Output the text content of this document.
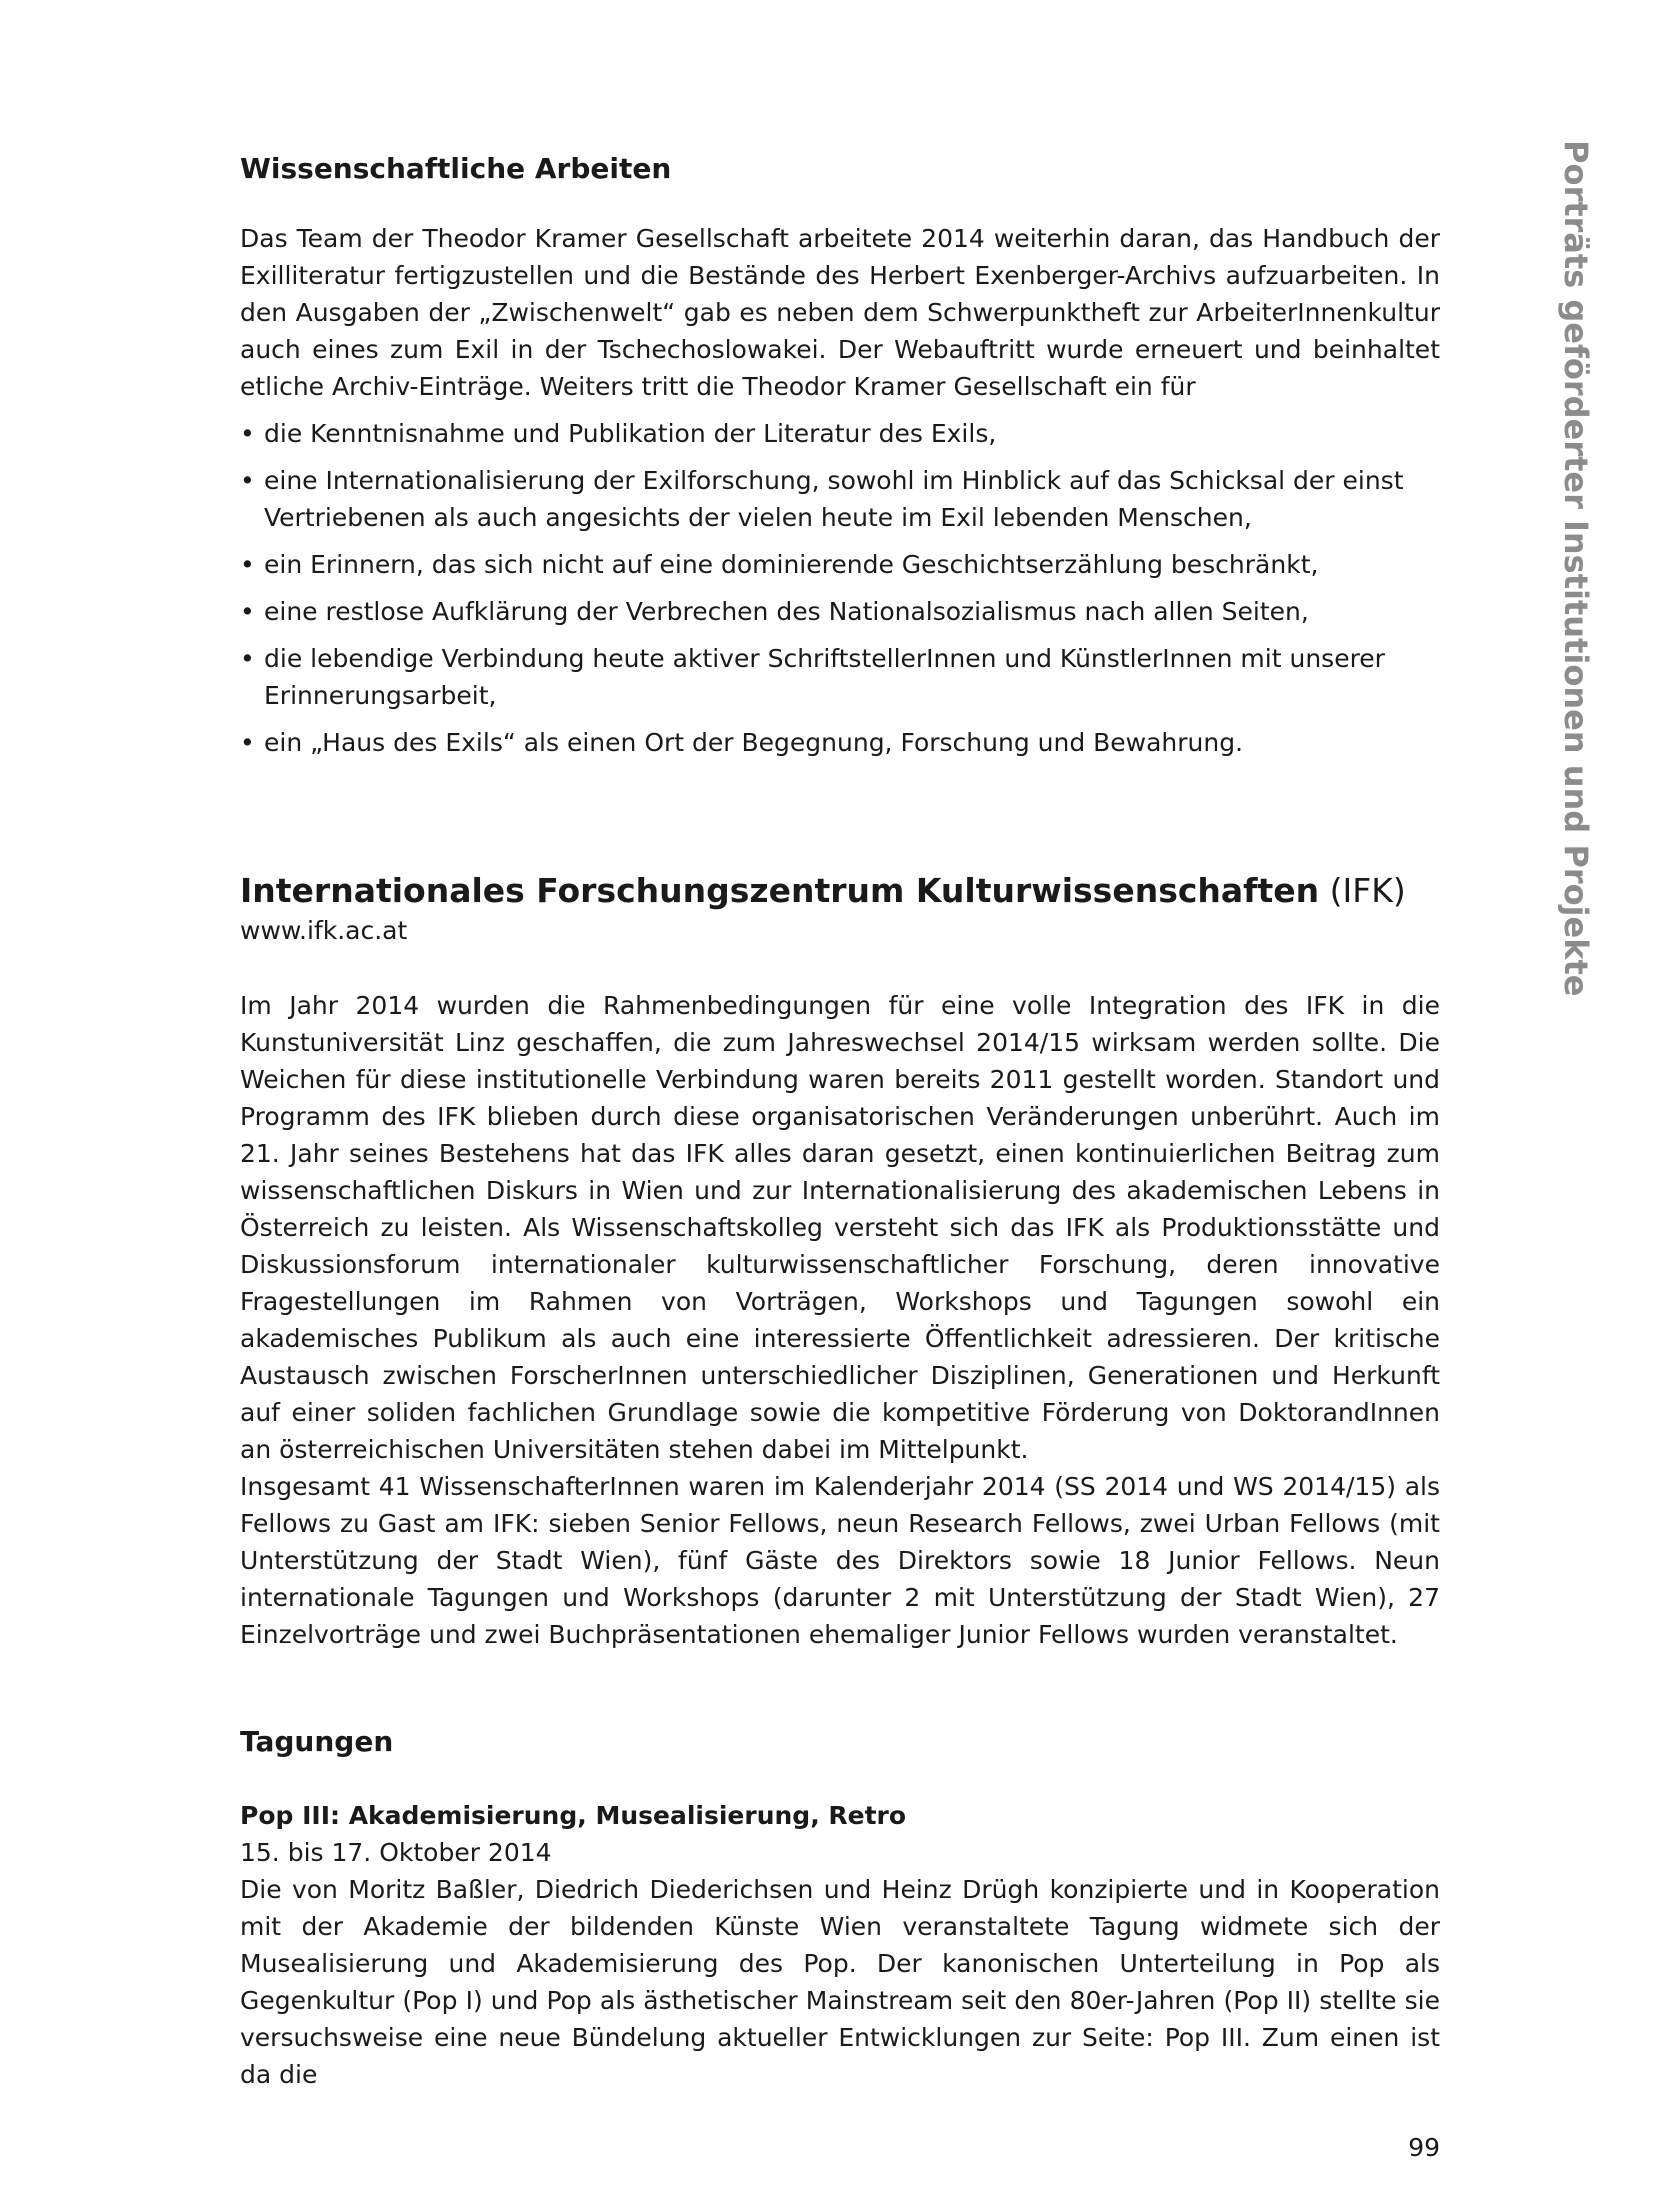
Porträts geförderter Institutionen und Projekte
Wissenschaftliche Arbeiten

Das Team der Theodor Kramer Gesellschaft arbeitete 2014 weiterhin daran, das Handbuch der Exilliteratur fertigzustellen und die Bestände des Herbert Exenberger-Archivs aufzuarbeiten. In den Ausgaben der „Zwischenwelt“ gab es neben dem Schwerpunktheft zur ArbeiterInnenkultur auch eines zum Exil in der Tschechoslowakei. Der Webauftritt wurde erneuert und beinhaltet etliche Archiv-Einträge. Weiters tritt die Theodor Kramer Gesellschaft ein für

• die Kenntnisnahme und Publikation der Literatur des Exils,
• eine Internationalisierung der Exilforschung, sowohl im Hinblick auf das Schicksal der einst Vertriebenen als auch angesichts der vielen heute im Exil lebenden Menschen,
• ein Erinnern, das sich nicht auf eine dominierende Geschichtserzählung beschränkt,
• eine restlose Aufklärung der Verbrechen des Nationalsozialismus nach allen Seiten,
• die lebendige Verbindung heute aktiver SchriftstellerInnen und KünstlerInnen mit unserer Erinnerungsarbeit,
• ein „Haus des Exils“ als einen Ort der Begegnung, Forschung und Bewahrung.
Internationales Forschungszentrum Kulturwissenschaften (IFK)
www.ifk.ac.at

Im Jahr 2014 wurden die Rahmenbedingungen für eine volle Integration des IFK in die Kunstuniversität Linz geschaffen, die zum Jahreswechsel 2014/15 wirksam werden sollte. Die Weichen für diese institutionelle Verbindung waren bereits 2011 gestellt worden. Standort und Programm des IFK blieben durch diese organisatorischen Veränderungen unberührt. Auch im 21. Jahr seines Bestehens hat das IFK alles daran gesetzt, einen kontinuierlichen Beitrag zum wissenschaftlichen Diskurs in Wien und zur Internationalisierung des akademischen Lebens in Österreich zu leisten. Als Wissenschaftskolleg versteht sich das IFK als Produktionsstätte und Diskussionsforum internationaler kulturwissenschaftlicher Forschung, deren innovative Fragestellungen im Rahmen von Vorträgen, Workshops und Tagungen sowohl ein akademisches Publikum als auch eine interessierte Öffentlichkeit adressieren. Der kritische Austausch zwischen ForscherInnen unterschiedlicher Disziplinen, Generationen und Herkunft auf einer soliden fachlichen Grundlage sowie die kompetitive Förderung von DoktorandInnen an österreichischen Universitäten stehen dabei im Mittelpunkt.

Insgesamt 41 WissenschafterInnen waren im Kalenderjahr 2014 (SS 2014 und WS 2014/15) als Fellows zu Gast am IFK: sieben Senior Fellows, neun Research Fellows, zwei Urban Fellows (mit Unterstützung der Stadt Wien), fünf Gäste des Direktors sowie 18 Junior Fellows. Neun internationale Tagungen und Workshops (darunter 2 mit Unterstützung der Stadt Wien), 27 Einzelvorträge und zwei Buchpräsentationen ehemaliger Junior Fellows wurden veranstaltet.

Tagungen
Pop III: Akademisierung, Musealisierung, Retro
15. bis 17. Oktober 2014

Die von Moritz Baßler, Diedrich Diederichsen und Heinz Drügh konzipierte und in Kooperation mit der Akademie der bildenden Künste Wien veranstaltete Tagung widmete sich der Musealisierung und Akademisierung des Pop. Der kanonischen Unterteilung in Pop als Gegenkultur (Pop I) und Pop als ästhetischer Mainstream seit den 80er-Jahren (Pop II) stellte sie versuchsweise eine neue Bündelung aktueller Entwicklungen zur Seite: Pop III. Zum einen ist da die

99
